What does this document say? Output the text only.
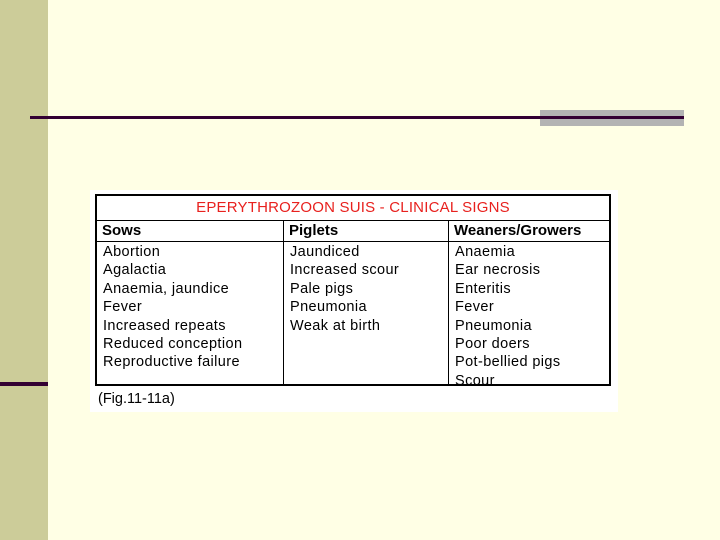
EPERYTHROZOON SUIS - CLINICAL SIGNS
Sows
Abortion
Agalactia
Anaemia, jaundice
Fever
Increased repeats
Reduced conception
Reproductive failure
Piglets
Jaundiced
Increased scour
Pale pigs
Pneumonia
Weak at birth
Weaners/Growers
Anaemia
Ear necrosis
Enteritis
Fever
Pneumonia
Poor doers
Pot-bellied pigs
Scour
(Fig.11-11a)
